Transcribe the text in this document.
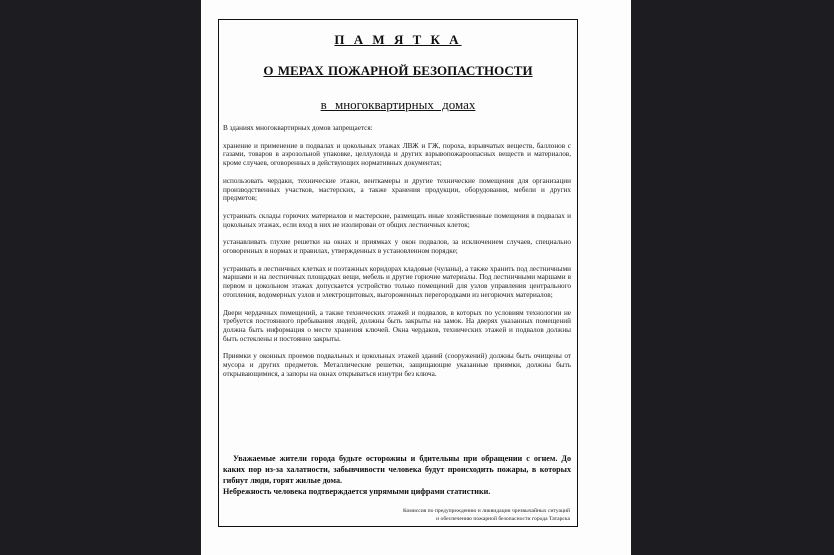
П А М Я Т К А
О МЕРАХ ПОЖАРНОЙ БЕЗОПАСТНОСТИ
в многоквартирных домах

В зданиях многоквартирных домов запрещается:

хранение и применение в подвалах и цокольных этажах ЛВЖ и ГЖ, пороха, взрывчатых веществ, баллонов с газами, товаров в аэрозольной упаковке, целлулоида и других взрывопожароопасных веществ и материалов, кроме случаев, оговоренных в действующих нормативных документах;

использовать чердаки, технические этажи, венткамеры и другие технические помещения для организации производственных участков, мастерских, а также хранения продукции, оборудования, мебели и других предметов;

устраивать склады горючих материалов и мастерские, размещать иные хозяйственные помещения в подвалах и цокольных этажах, если вход в них не изолирован от общих лестничных клеток;

устанавливать глухие решетки на окнах и приямках у окон подвалов, за исключением случаев, специально оговоренных в нормах и правилах, утвержденных в установленном порядке;

устраивать в лестничных клетках и поэтажных коридорах кладовые (чуланы), а также хранить под лестничными маршами и на лестничных площадках вещи, мебель и другие горючие материалы. Под лестничными маршами в первом и цокольном этажах допускается устройство только помещений для узлов управления центрального отопления, водомерных узлов и электрощитовых, выгороженных перегородками из негорючих материалов;

Двери чердачных помещений, а также технических этажей и подвалов, в которых по условиям технологии не требуется постоянного пребывания людей, должны быть закрыты на замок. На дверях указанных помещений должна быть информация о месте хранения ключей. Окна чердаков, технических этажей и подвалов должны быть остеклены и постоянно закрыты.

Приямки у оконных проемов подвальных и цокольных этажей зданий (сооружений) должны быть очищены от мусора и других предметов. Металлические решетки, защищающие указанные приямки, должны быть открывающимися, а запоры на окнах открываться изнутри без ключа.

Уважаемые жители города будьте осторожны и бдительны при обращении с огнем. До каких пор из-за халатности, забывчивости человека будут происходить пожары, в которых гибнут люди, горят жилые дома.
Небрежность человека подтверждается упрямыми цифрами статистики.
Комиссия по предупреждению и ликвидации чрезвычайных ситуаций
и обеспечению пожарной безопасности города Татарска
